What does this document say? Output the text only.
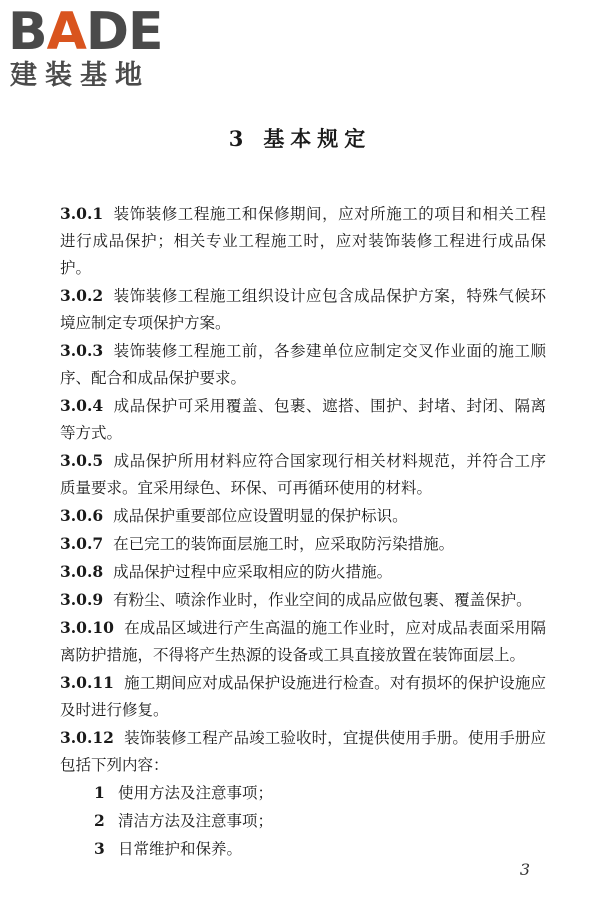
BADE
建装基地
3 基本规定

3.0.1 装饰装修工程施工和保修期间，应对所施工的项目和相关工程进行成品保护；相关专业工程施工时，应对装饰装修工程进行成品保护。

3.0.2 装饰装修工程施工组织设计应包含成品保护方案，特殊气候环境应制定专项保护方案。

3.0.3 装饰装修工程施工前，各参建单位应制定交叉作业面的施工顺序、配合和成品保护要求。

3.0.4 成品保护可采用覆盖、包裹、遮搭、围护、封堵、封闭、隔离等方式。

3.0.5 成品保护所用材料应符合国家现行相关材料规范，并符合工序质量要求。宜采用绿色、环保、可再循环使用的材料。

3.0.6 成品保护重要部位应设置明显的保护标识。

3.0.7 在已完工的装饰面层施工时，应采取防污染措施。

3.0.8 成品保护过程中应采取相应的防火措施。

3.0.9 有粉尘、喷涂作业时，作业空间的成品应做包裹、覆盖保护。

3.0.10 在成品区域进行产生高温的施工作业时，应对成品表面采用隔离防护措施，不得将产生热源的设备或工具直接放置在装饰面层上。

3.0.11 施工期间应对成品保护设施进行检查。对有损坏的保护设施应及时进行修复。

3.0.12 装饰装修工程产品竣工验收时，宜提供使用手册。使用手册应包括下列内容：

1 使用方法及注意事项；

2 清洁方法及注意事项；

3 日常维护和保养。

3
